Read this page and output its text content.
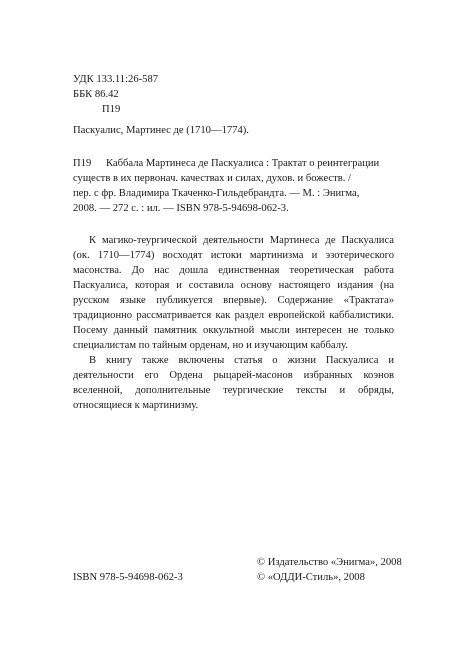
УДК 133.11:26-587
ББК 86.42
П19
Паскуалис, Мартинес де (1710—1774).
П19 Каббала Мартинеса де Паскуалиса : Трактат о реинтеграции
существ в их первонач. качествах и силах, духов. и божеств. /
пер. с фр. Владимира Ткаченко-Гильдебрандта. — М. : Энигма,
2008. — 272 с. : ил. — ISBN 978-5-94698-062-3.

К магико-теургической деятельности Мартинеса де Паскуалиса (ок. 1710—1774) восходят истоки мартинизма и эзотерического масонства. До нас дошла единственная теоретическая работа Паскуалиса, которая и составила основу настоящего издания (на русском языке публикуется впервые). Содержание «Трактата» традиционно рассматривается как раздел европейской каббалистики. Посему данный памятник оккультной мысли интересен не только специалистам по тайным орденам, но и изучающим каббалу.

В книгу также включены статья о жизни Паскуалиса и деятельности его Ордена рыцарей-масонов избранных коэнов вселенной, дополнительные теургические тексты и обряды, относящиеся к мартинизму.

© Издательство «Энигма», 2008
© «ОДДИ-Стиль», 2008
ISBN 978-5-94698-062-3
